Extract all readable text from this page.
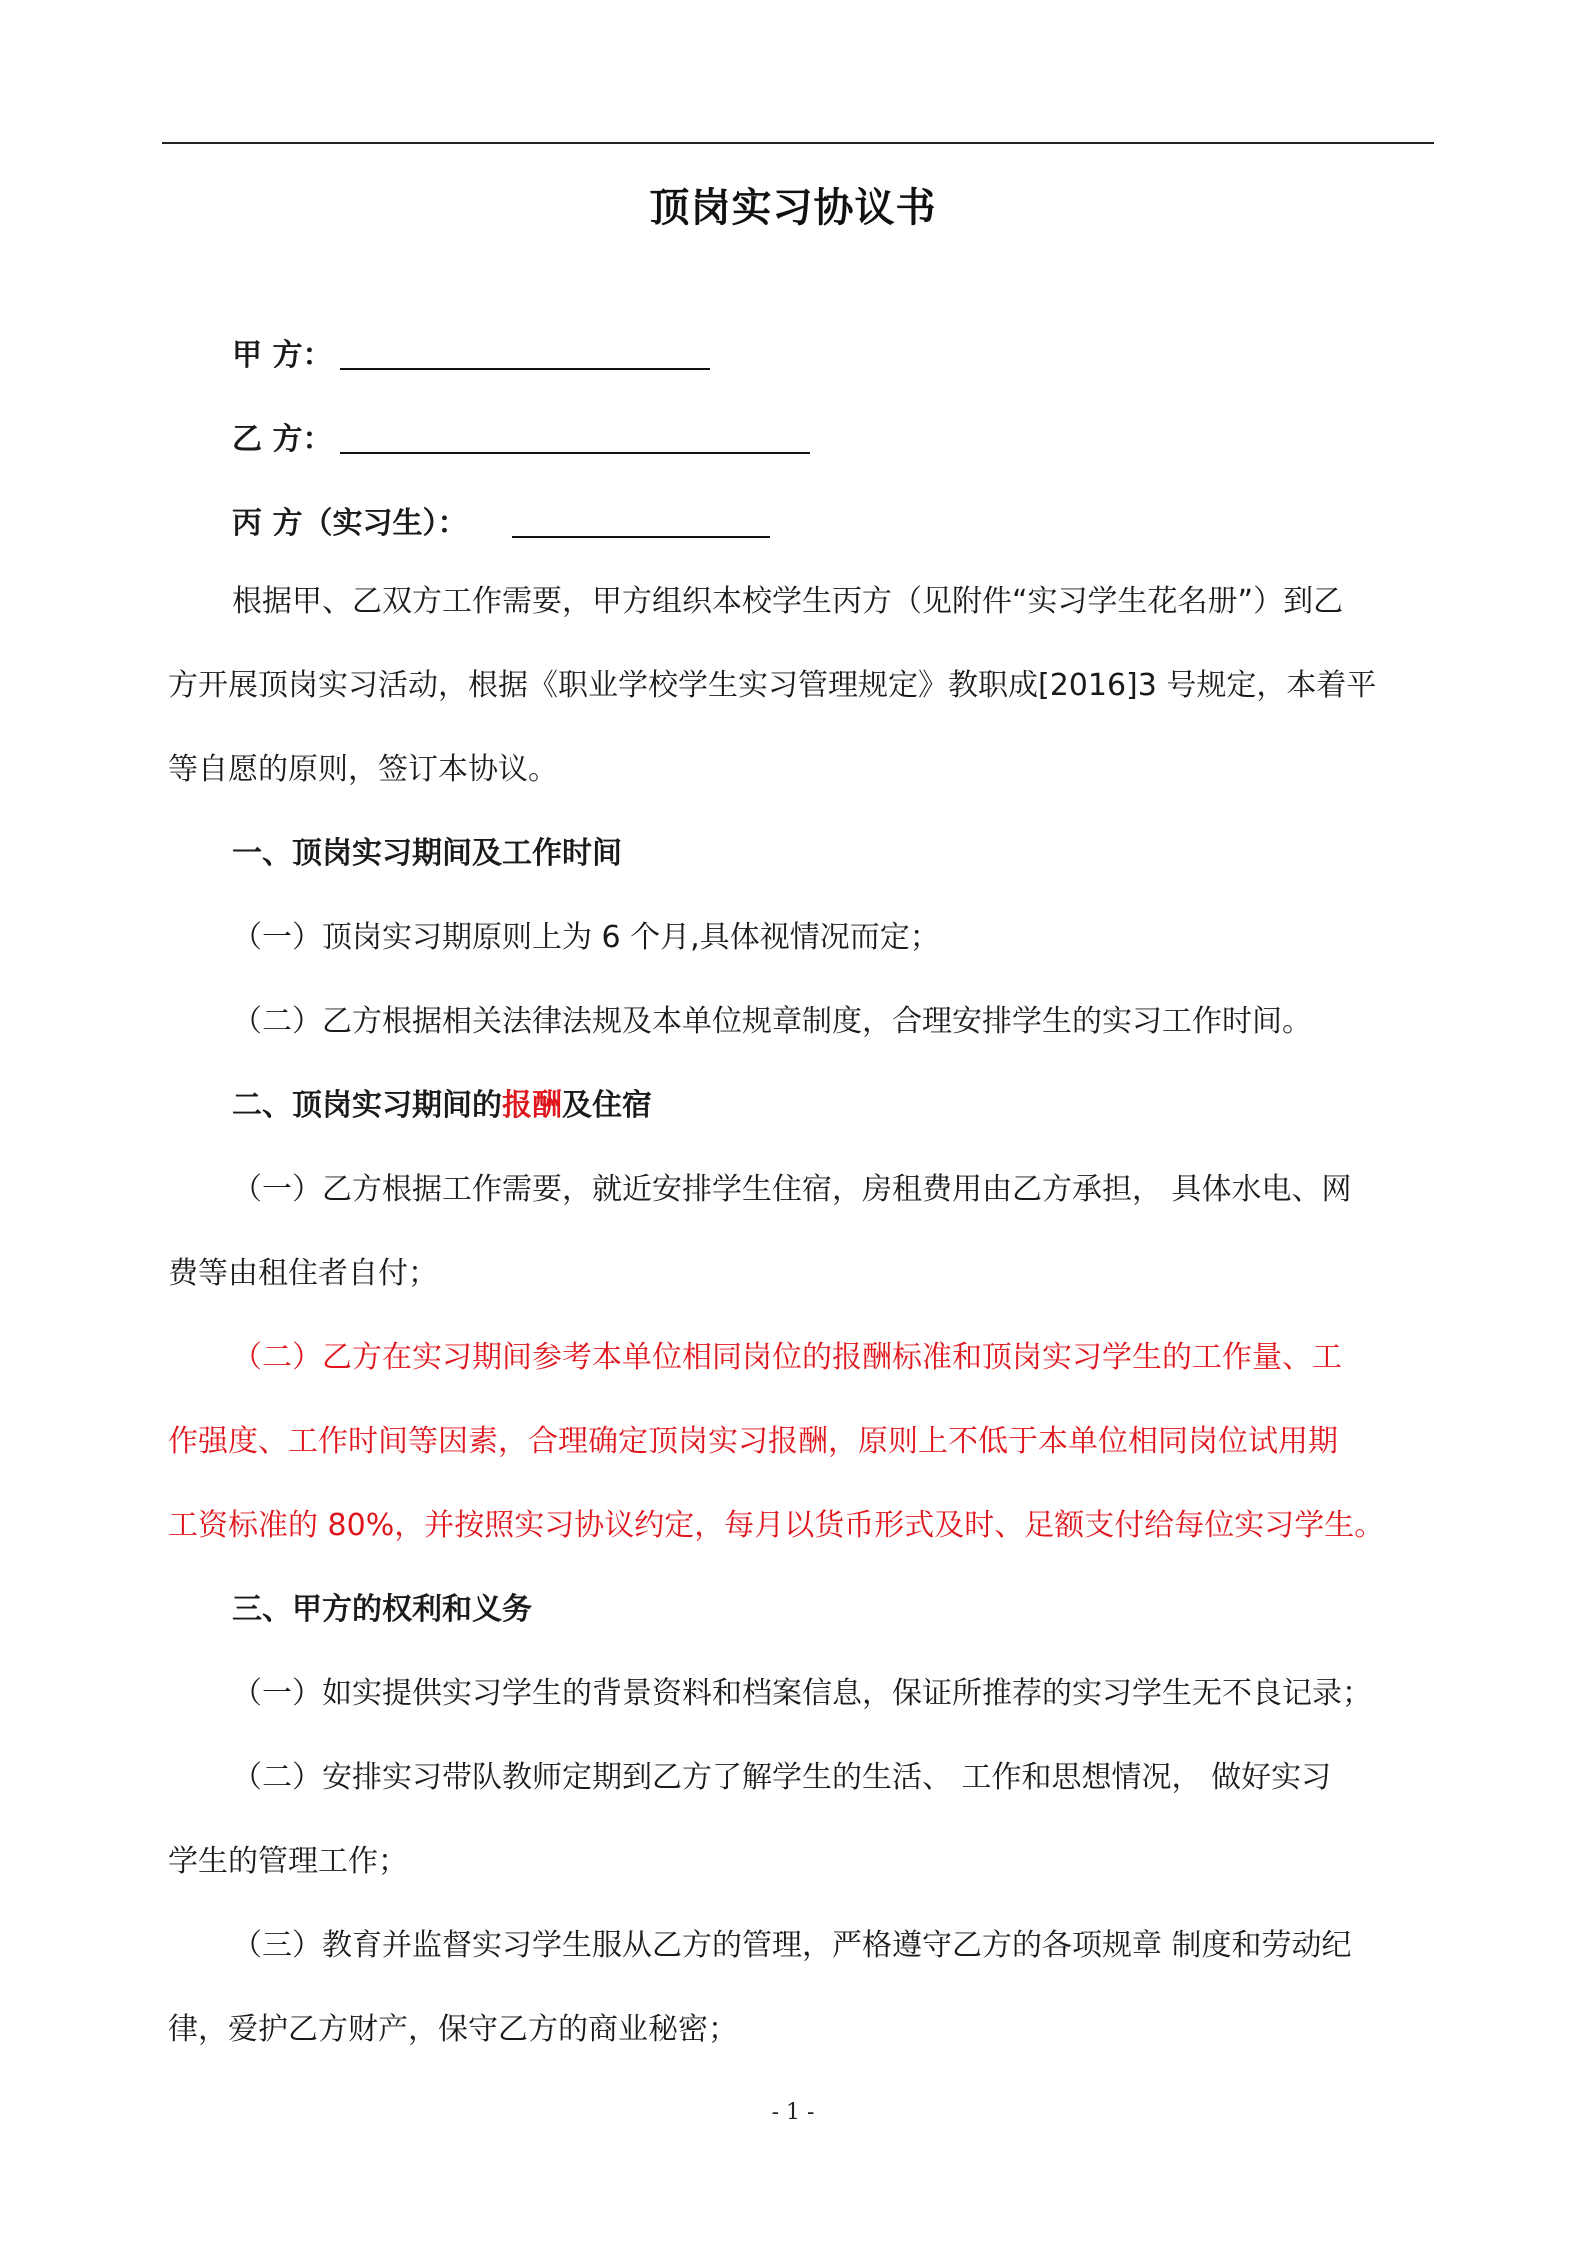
顶岗实习协议书
甲 方：
乙 方：
丙 方（实习生）：
根据甲、乙双方工作需要，甲方组织本校学生丙方（见附件“实习学生花名册”）到乙
方开展顶岗实习活动，根据《职业学校学生实习管理规定》教职成[2016]3 号规定，本着平
等自愿的原则，签订本协议。
一、顶岗实习期间及工作时间
（一）顶岗实习期原则上为 6 个月,具体视情况而定；
（二）乙方根据相关法律法规及本单位规章制度，合理安排学生的实习工作时间。
二、顶岗实习期间的报酬及住宿
（一）乙方根据工作需要，就近安排学生住宿，房租费用由乙方承担， 具体水电、网
费等由租住者自付；
（二）乙方在实习期间参考本单位相同岗位的报酬标准和顶岗实习学生的工作量、工
作强度、工作时间等因素，合理确定顶岗实习报酬，原则上不低于本单位相同岗位试用期
工资标准的 80%，并按照实习协议约定，每月以货币形式及时、足额支付给每位实习学生。
三、甲方的权利和义务
（一）如实提供实习学生的背景资料和档案信息，保证所推荐的实习学生无不良记录；
（二）安排实习带队教师定期到乙方了解学生的生活、 工作和思想情况， 做好实习
学生的管理工作；
（三）教育并监督实习学生服从乙方的管理，严格遵守乙方的各项规章 制度和劳动纪
律，爱护乙方财产，保守乙方的商业秘密；
- 1 -
